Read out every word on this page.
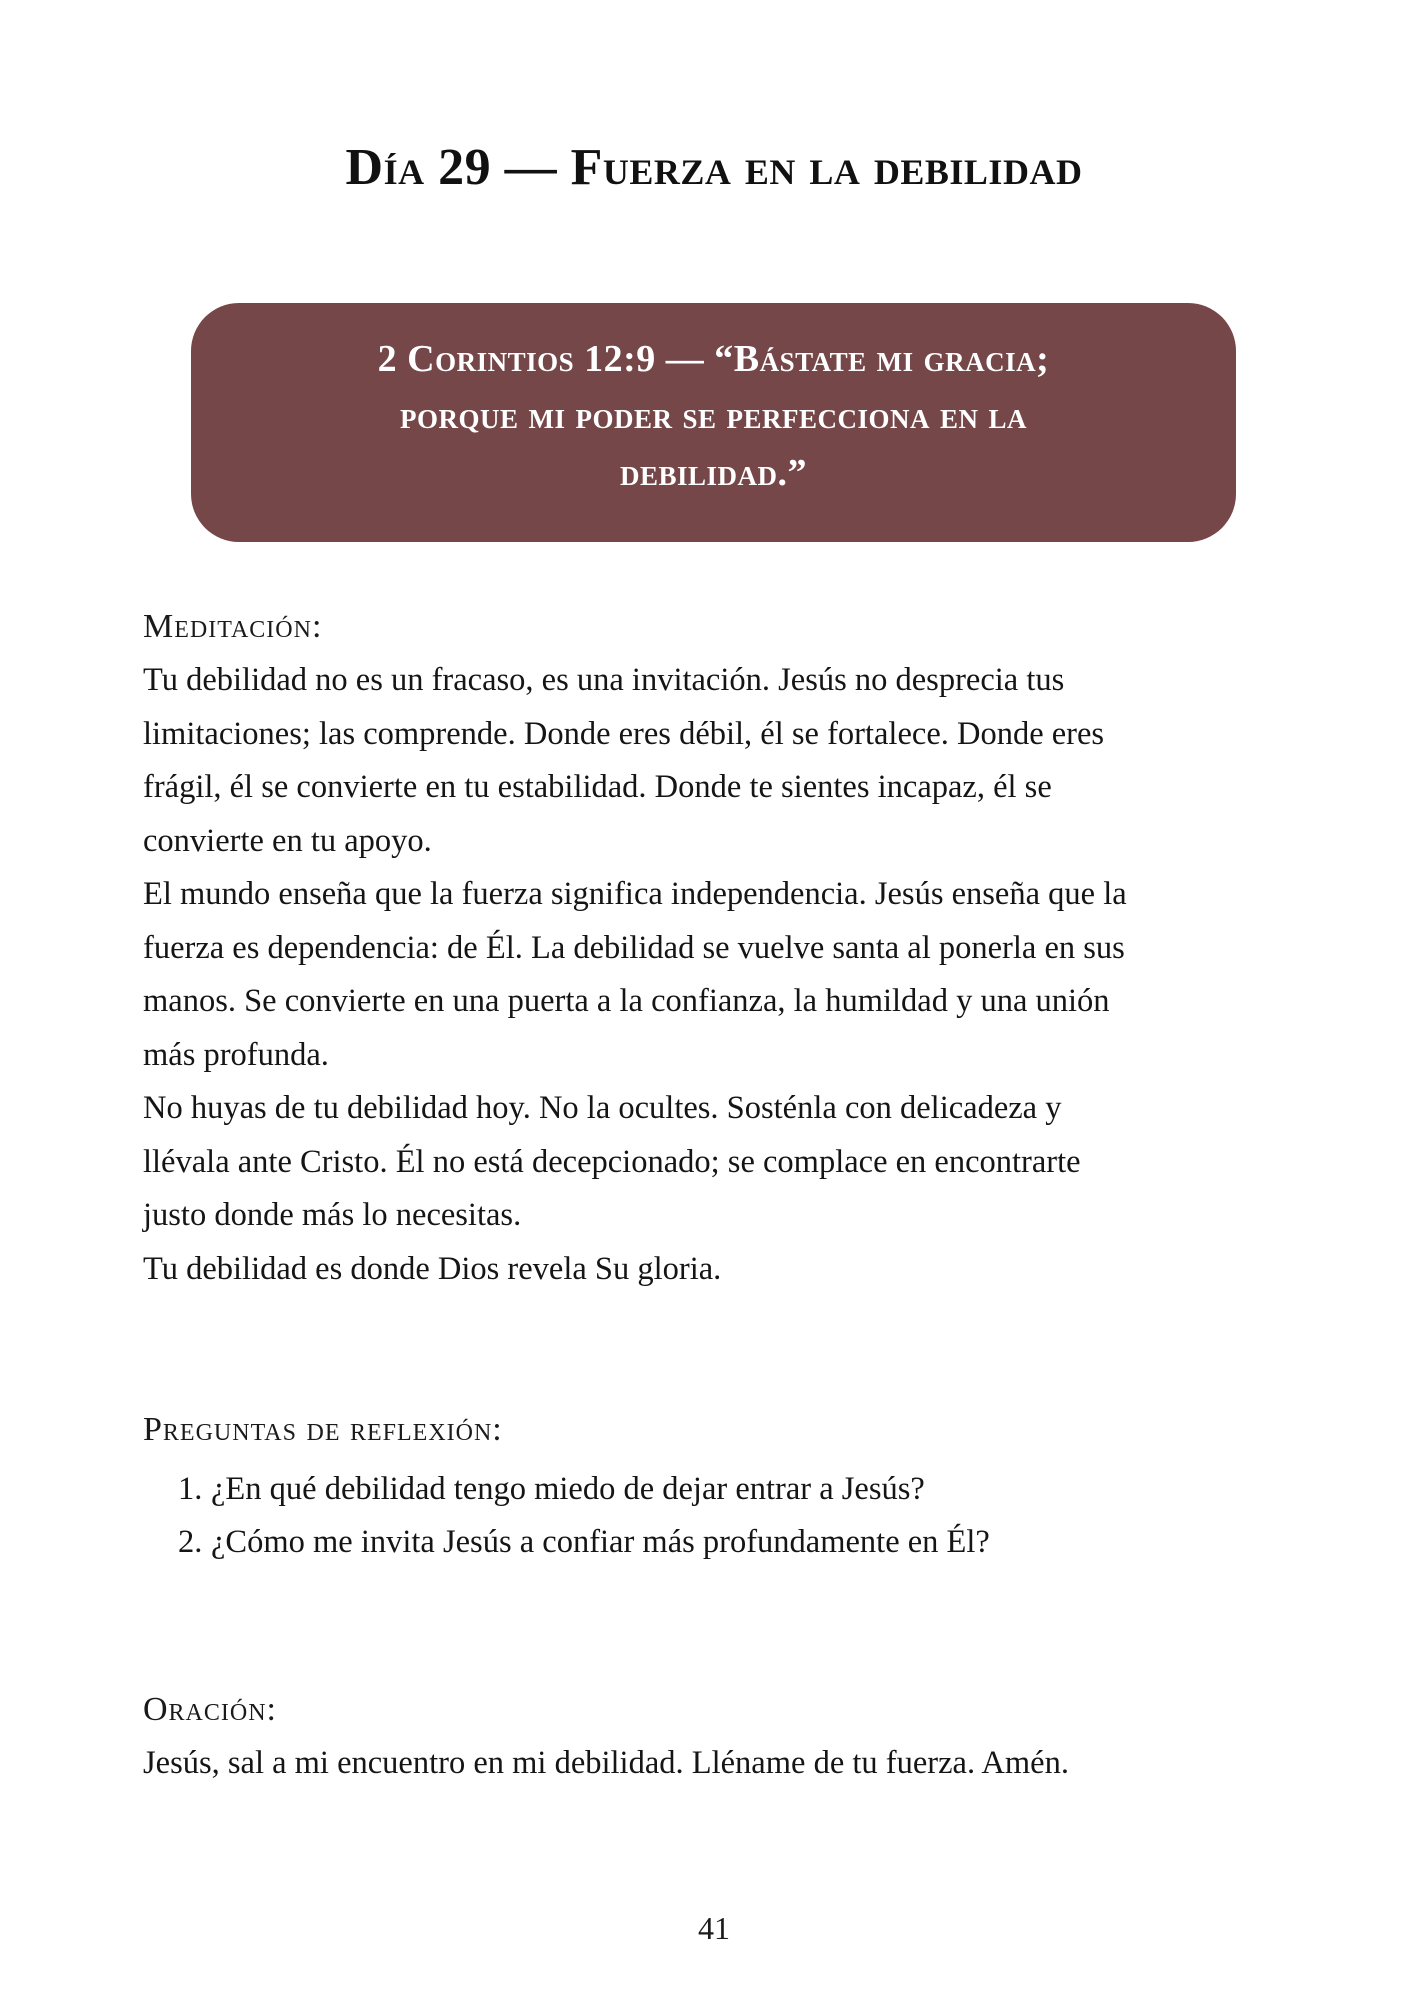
Día 29 — Fuerza en la debilidad

2 Corintios 12:9 — “Bástate mi gracia;
porque mi poder se perfecciona en la
debilidad.”

Meditación:

Tu debilidad no es un fracaso, es una invitación. Jesús no desprecia tus
limitaciones; las comprende. Donde eres débil, él se fortalece. Donde eres
frágil, él se convierte en tu estabilidad. Donde te sientes incapaz, él se
convierte en tu apoyo.

El mundo enseña que la fuerza significa independencia. Jesús enseña que la
fuerza es dependencia: de Él. La debilidad se vuelve santa al ponerla en sus
manos. Se convierte en una puerta a la confianza, la humildad y una unión
más profunda.

No huyas de tu debilidad hoy. No la ocultes. Sosténla con delicadeza y
llévala ante Cristo. Él no está decepcionado; se complace en encontrarte
justo donde más lo necesitas.

Tu debilidad es donde Dios revela Su gloria.

Preguntas de reflexión:
1. ¿En qué debilidad tengo miedo de dejar entrar a Jesús?
2. ¿Cómo me invita Jesús a confiar más profundamente en Él?
Oración:

Jesús, sal a mi encuentro en mi debilidad. Lléname de tu fuerza. Amén.

41
